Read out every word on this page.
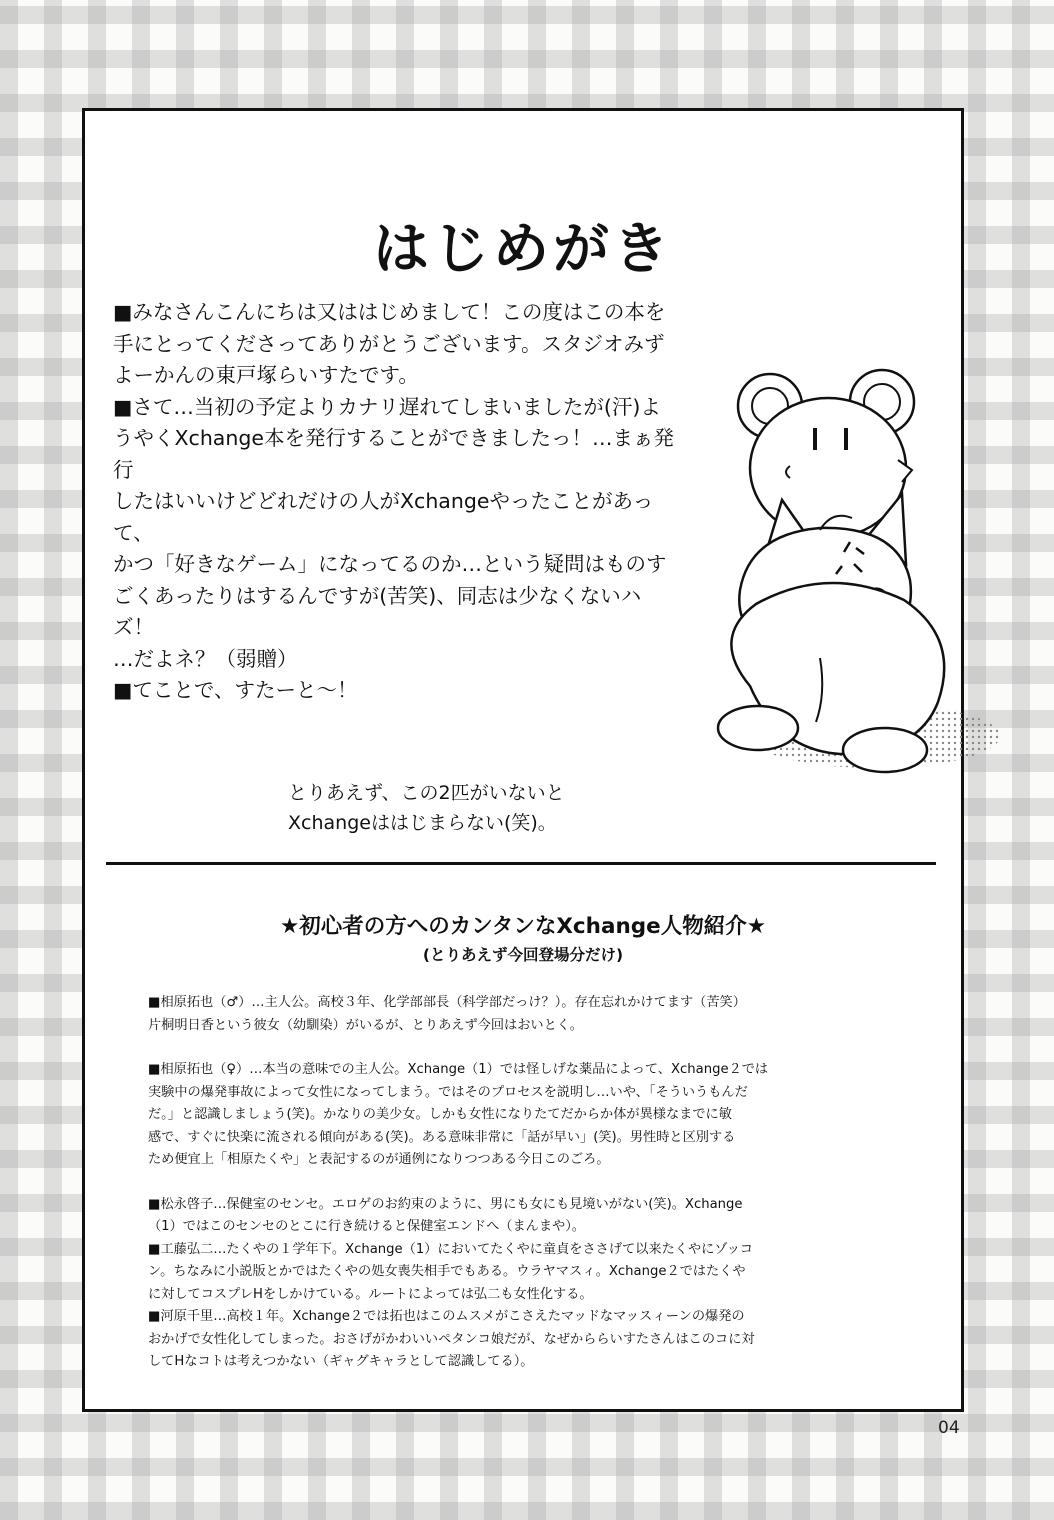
はじめがき

■みなさんこんにちは又ははじめまして！この度はこの本を

手にとってくださってありがとうございます。スタジオみず

よーかんの東戸塚らいすたです。

■さて…当初の予定よりカナリ遅れてしまいましたが(汗)よ

うやくXchange本を発行することができましたっ！…まぁ発行

したはいいけどどれだけの人がXchangeやったことがあって、

かつ「好きなゲーム」になってるのか…という疑問はものす

ごくあったりはするんですが(苦笑)、同志は少なくないハズ！

…だよネ？（弱贈）

■てことで、すたーと～！

とりあえず、この2匹がいないと

Xchangeははじまらない(笑)。

★初心者の方へのカンタンなXchange人物紹介★
(とりあえず今回登場分だけ)

■相原拓也（♂）…主人公。高校３年、化学部部長（科学部だっけ？）。存在忘れかけてます（苦笑）

片桐明日香という彼女（幼馴染）がいるが、とりあえず今回はおいとく。

■相原拓也（♀）…本当の意味での主人公。Xchange（1）では怪しげな薬品によって、Xchange２では

実験中の爆発事故によって女性になってしまう。ではそのプロセスを説明し…いや、「そういうもんだ

だ。」と認識しましょう(笑)。かなりの美少女。しかも女性になりたてだからか体が異様なまでに敏

感で、すぐに快楽に流される傾向がある(笑)。ある意味非常に「話が早い」(笑)。男性時と区別する

ため便宜上「相原たくや」と表記するのが通例になりつつある今日このごろ。

■松永啓子…保健室のセンセ。エロゲのお約束のように、男にも女にも見境いがない(笑)。Xchange

（1）ではこのセンセのとこに行き続けると保健室エンドへ（まんまや）。

■工藤弘二…たくやの１学年下。Xchange（1）においてたくやに童貞をささげて以来たくやにゾッコ

ン。ちなみに小説版とかではたくやの処女喪失相手でもある。ウラヤマスィ。Xchange２ではたくや

に対してコスプレHをしかけている。ルートによっては弘二も女性化する。

■河原千里…高校１年。Xchange２では拓也はこのムスメがこさえたマッドなマッスィーンの爆発の

おかげで女性化してしまった。おさげがかわいいペタンコ娘だが、なぜかららいすたさんはこのコに対

してHなコトは考えつかない（ギャグキャラとして認識してる）。

04
